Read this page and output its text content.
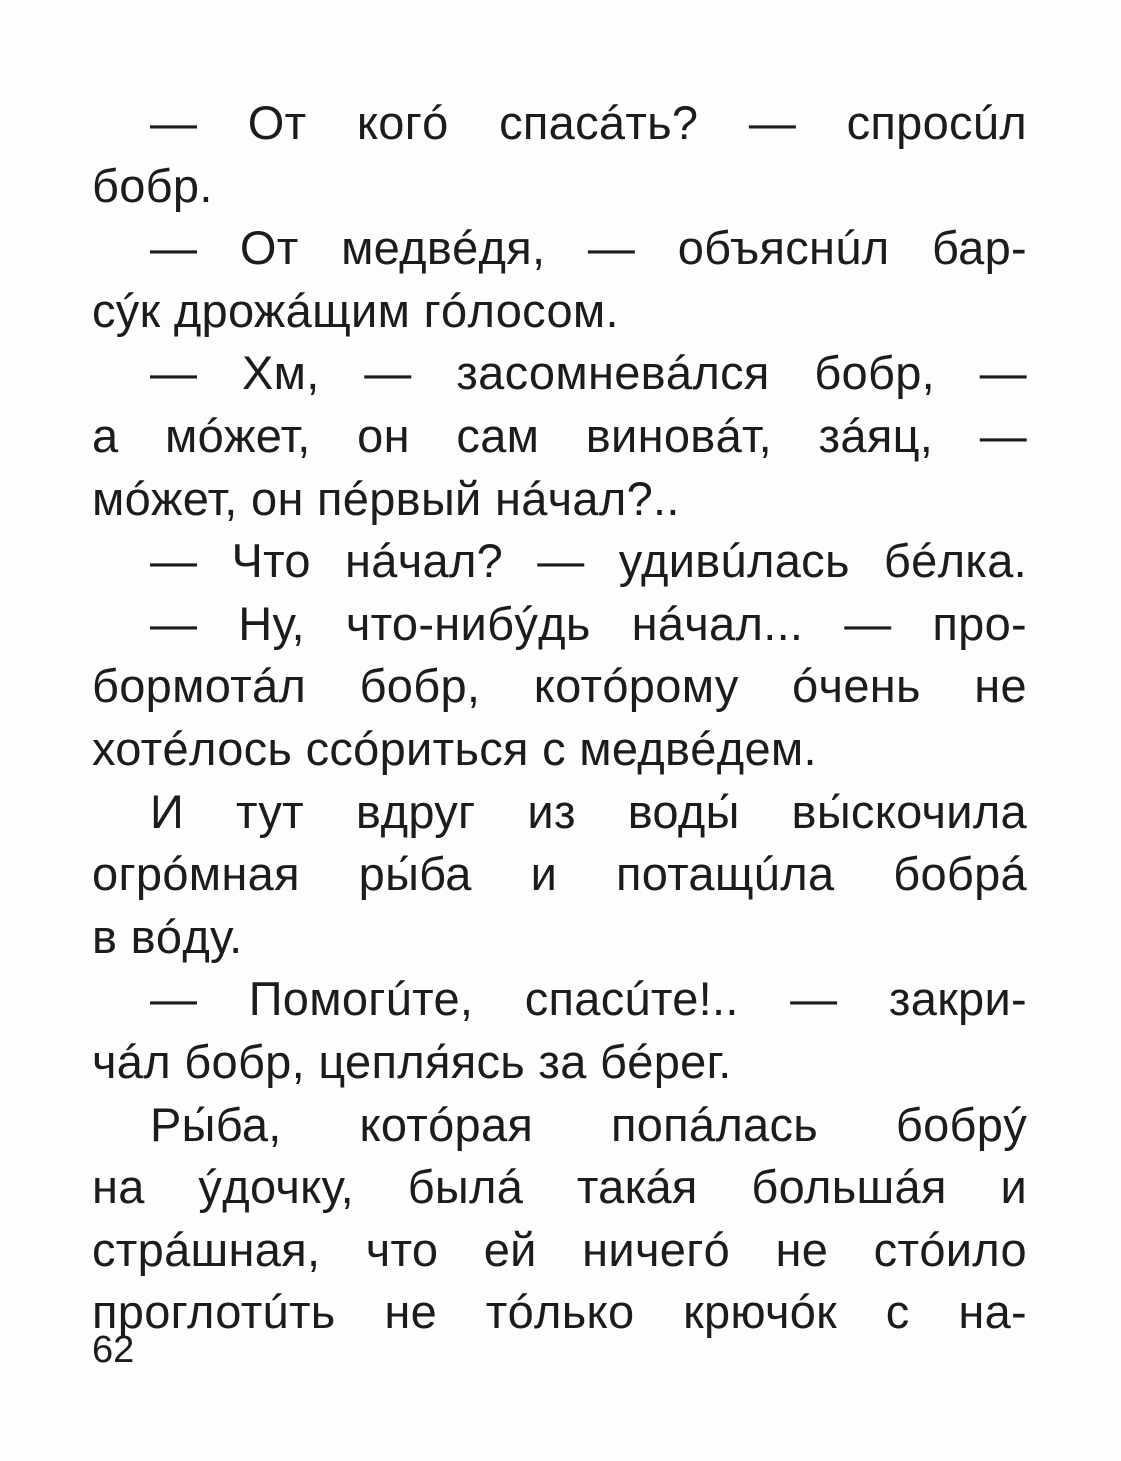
— От когó спасáть? — спросúл
бобр.
— От медвéдя, — объяснúл бар-
сýк дрожáщим гóлосом.
— Хм, — засомневáлся бобр, —
а мóжет, он сам виновáт, зáяц, —
мóжет, он пéрвый нáчал?..
— Что нáчал? — удивúлась бéлка.
— Ну, что-нибýдь нáчал... — про-
бормотáл бобр, котóрому óчень не
хотéлось ссóриться с медвéдем.
И тут вдруг из воды́ вы́скочила
огрóмная ры́ба и потащúла бобрá
в вóду.
— Помогúте, спасúте!.. — закри-
чáл бобр, цепля́ясь за бéрег.
Ры́ба, котóрая попáлась бобрý
на ýдочку, былá такáя большáя и
стрáшная, что ей ничегó не стóило
проглотúть не тóлько крючóк с на-
62
